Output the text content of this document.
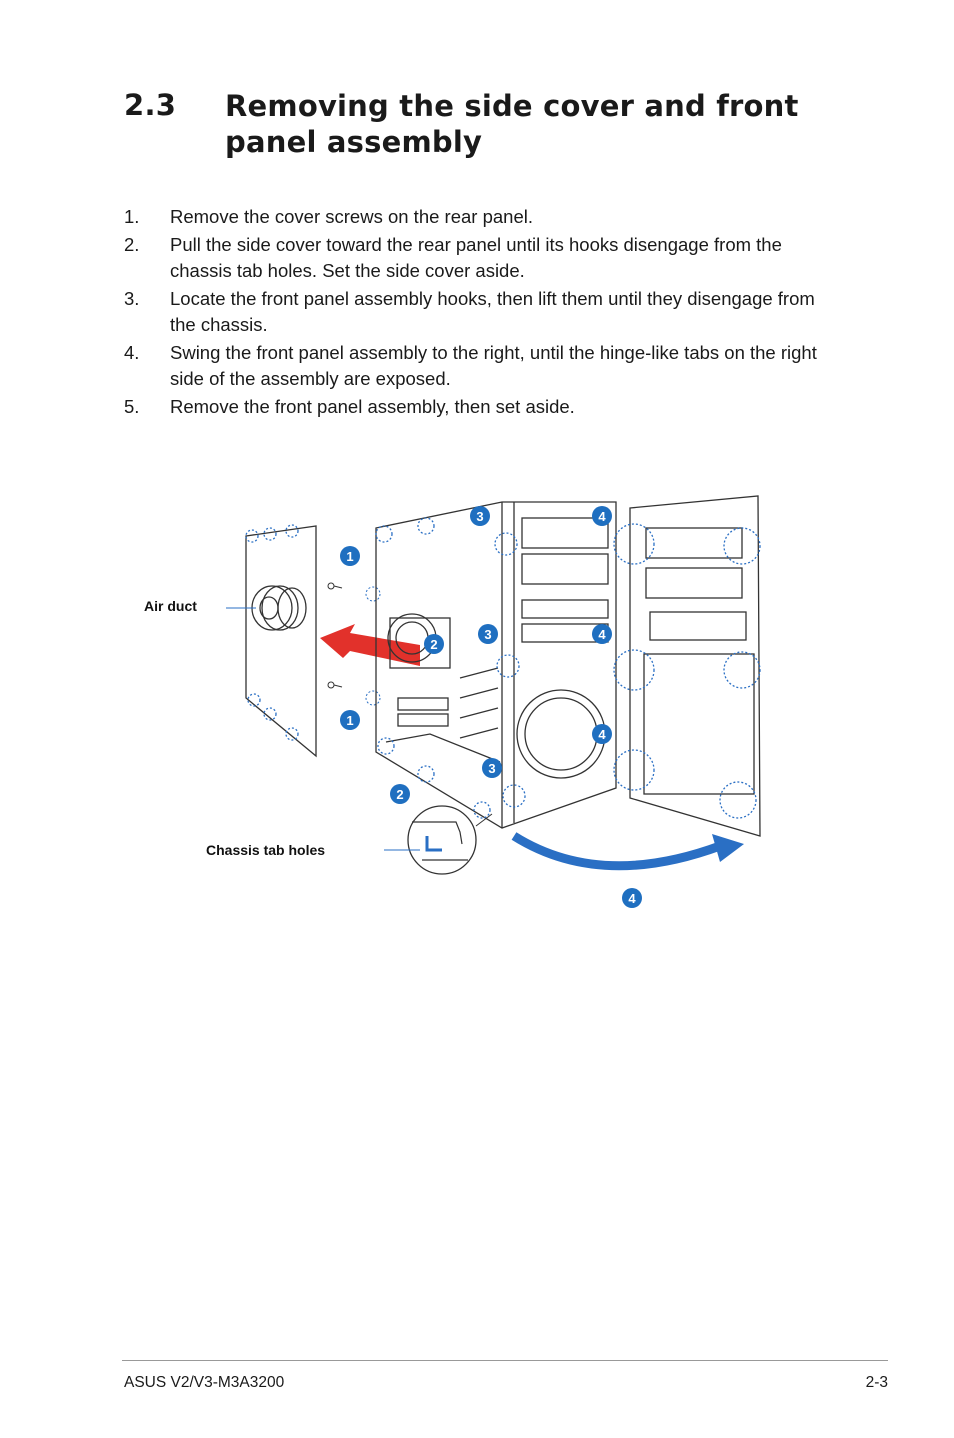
2.3 Removing the side cover and front panel assembly
1. Remove the cover screws on the rear panel.
2. Pull the side cover toward the rear panel until its hooks disengage from the chassis tab holes. Set the side cover aside.
3. Locate the front panel assembly hooks, then lift them until they disengage from the chassis.
4. Swing the front panel assembly to the right, until the hinge-like tabs on the right side of the assembly are exposed.
5. Remove the front panel assembly, then set aside.
Air duct
Chassis tab holes
1
1
2
2
3
3
3
4
4
4
4
ASUS V2/V3-M3A3200	2-3
